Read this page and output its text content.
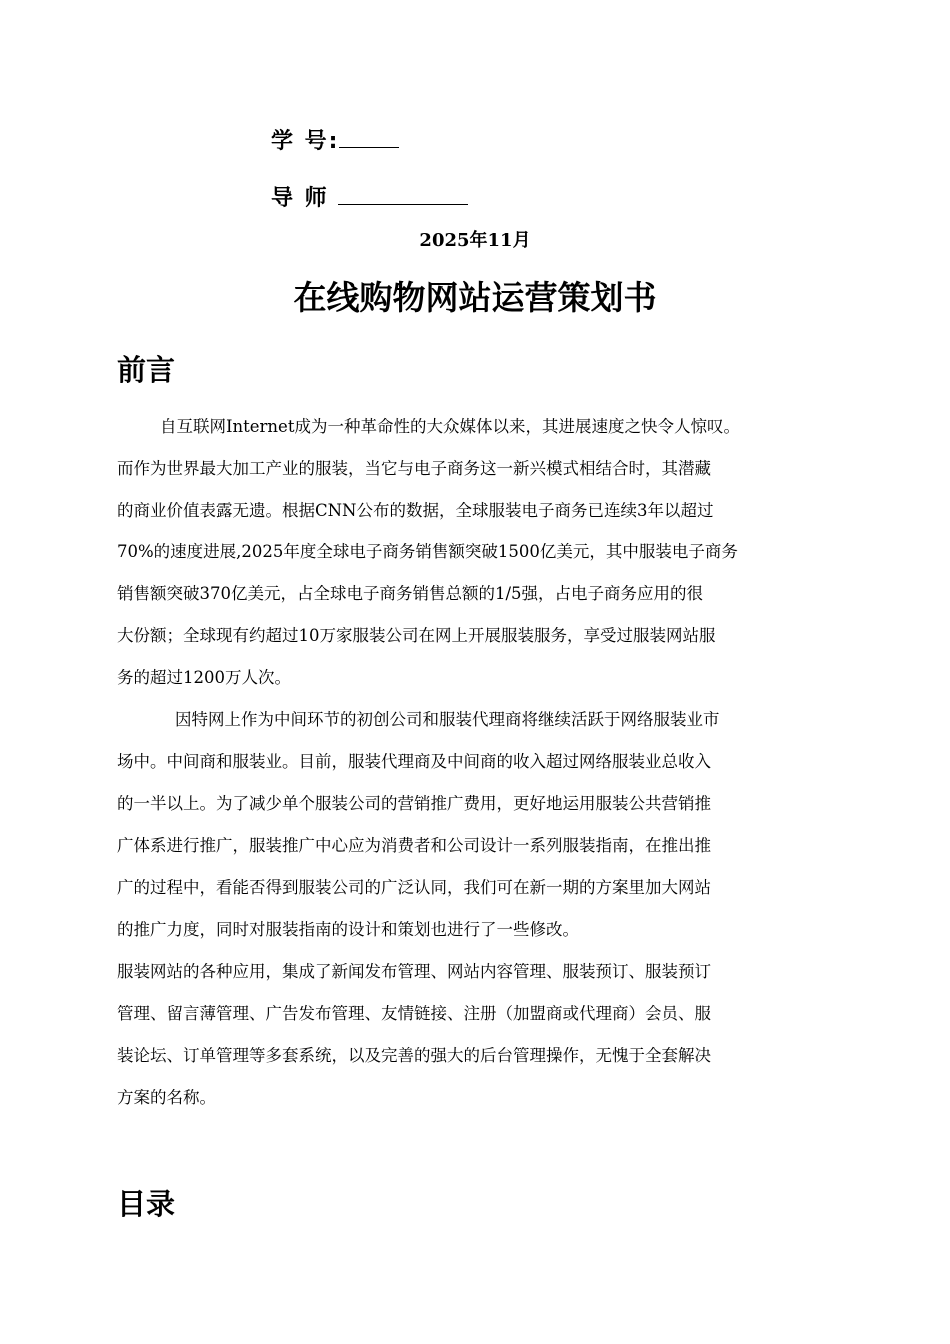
学 号:
导 师
2025年11月
在线购物网站运营策划书
前言
自互联网Internet成为一种革命性的大众媒体以来，其进展速度之快令人惊叹。
而作为世界最大加工产业的服装，当它与电子商务这一新兴模式相结合时，其潜藏
的商业价值表露无遗。根据CNN公布的数据，全球服装电子商务已连续3年以超过
70%的速度进展,2025年度全球电子商务销售额突破1500亿美元，其中服装电子商务
销售额突破370亿美元，占全球电子商务销售总额的1/5强，占电子商务应用的很
大份额；全球现有约超过10万家服装公司在网上开展服装服务，享受过服装网站服
务的超过1200万人次。
因特网上作为中间环节的初创公司和服装代理商将继续活跃于网络服装业市
场中。中间商和服装业。目前，服装代理商及中间商的收入超过网络服装业总收入
的一半以上。为了减少单个服装公司的营销推广费用，更好地运用服装公共营销推
广体系进行推广，服装推广中心应为消费者和公司设计一系列服装指南，在推出推
广的过程中，看能否得到服装公司的广泛认同，我们可在新一期的方案里加大网站
的推广力度，同时对服装指南的设计和策划也进行了一些修改。
服装网站的各种应用，集成了新闻发布管理、网站内容管理、服装预订、服装预订
管理、留言薄管理、广告发布管理、友情链接、注册（加盟商或代理商）会员、服
装论坛、订单管理等多套系统，以及完善的强大的后台管理操作，无愧于全套解决
方案的名称。
目录
